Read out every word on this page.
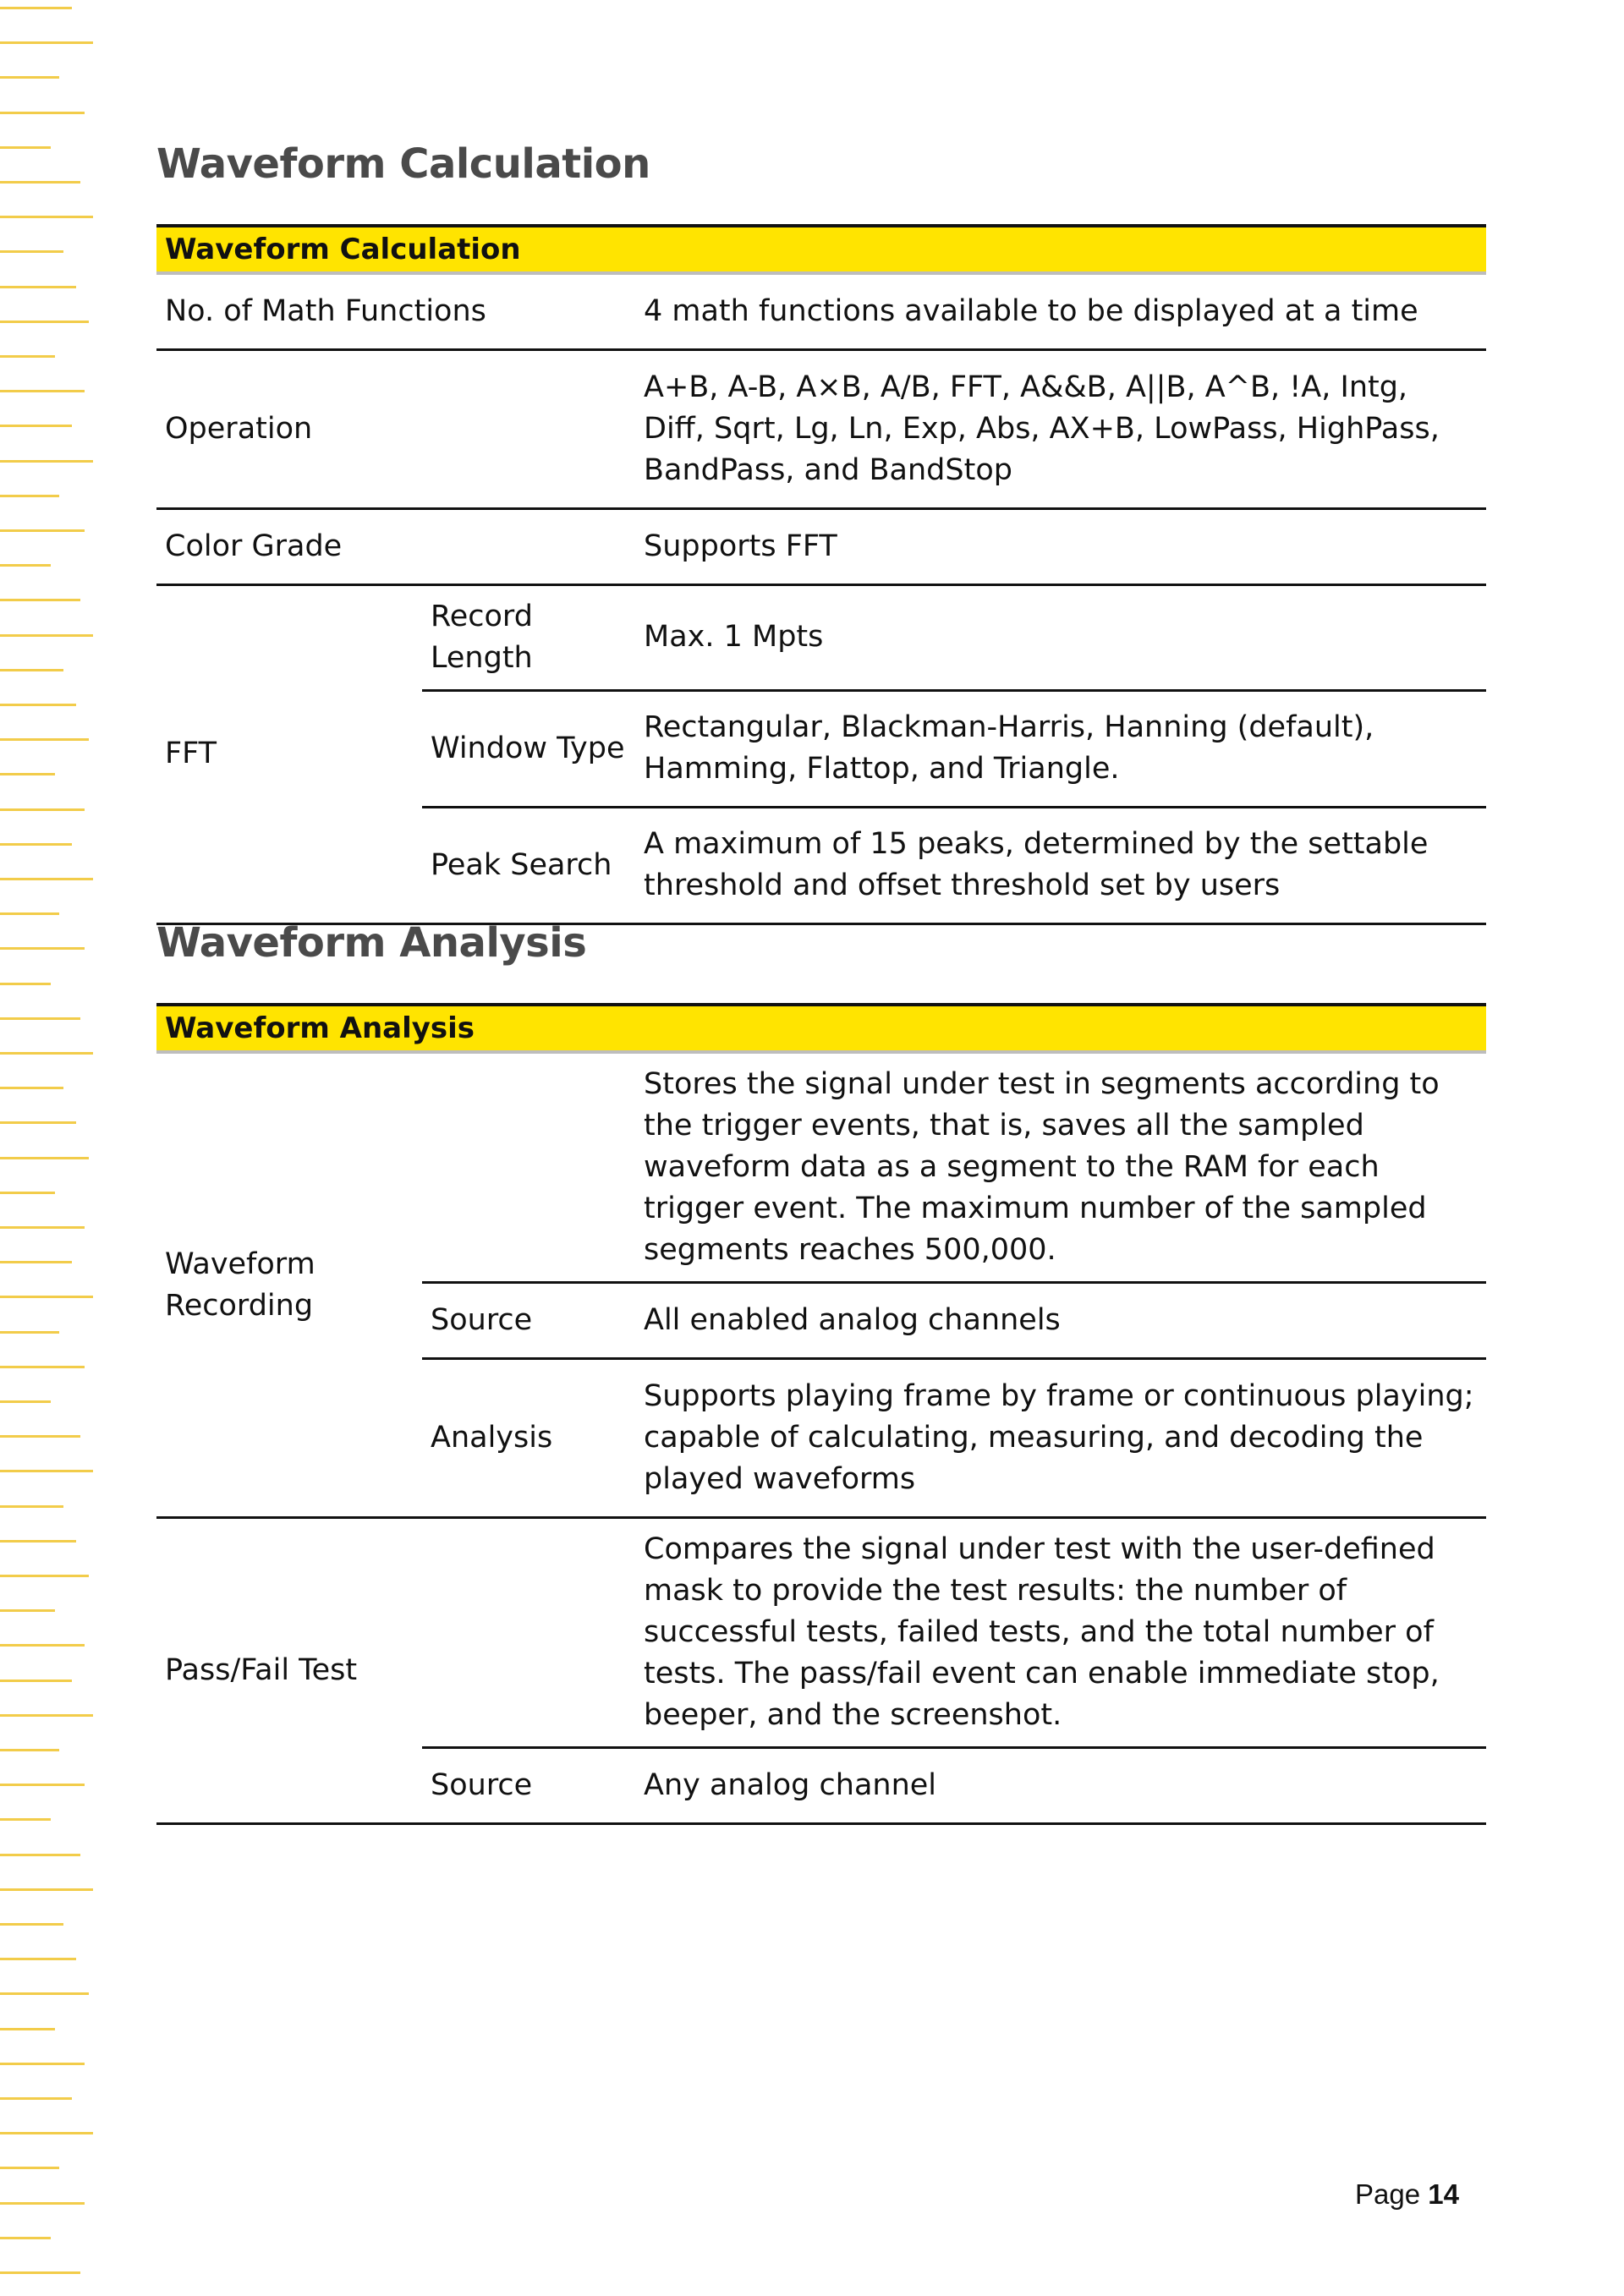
Waveform Calculation
Waveform Calculation		
No. of Math Functions		4 math functions available to be displayed at a time
Operation		A+B, A-B, A×B, A/B, FFT, A&&B, A||B, A^B, !A, Intg, Diff, Sqrt, Lg, Ln, Exp, Abs, AX+B, LowPass, HighPass, BandPass, and BandStop
Color Grade		Supports FFT
FFT	Record Length	Max. 1 Mpts
	Window Type	Rectangular, Blackman-Harris, Hanning (default), Hamming, Flattop, and Triangle.
	Peak Search	A maximum of 15 peaks, determined by the settable threshold and offset threshold set by users
Waveform Analysis
Waveform Analysis		
Waveform Recording		Stores the signal under test in segments according to the trigger events, that is, saves all the sampled waveform data as a segment to the RAM for each trigger event. The maximum number of the sampled segments reaches 500,000.
	Source	All enabled analog channels
	Analysis	Supports playing frame by frame or continuous playing; capable of calculating, measuring, and decoding the played waveforms
Pass/Fail Test		Compares the signal under test with the user-defined mask to provide the test results: the number of successful tests, failed tests, and the total number of tests. The pass/fail event can enable immediate stop, beeper, and the screenshot.
	Source	Any analog channel
Page 14
